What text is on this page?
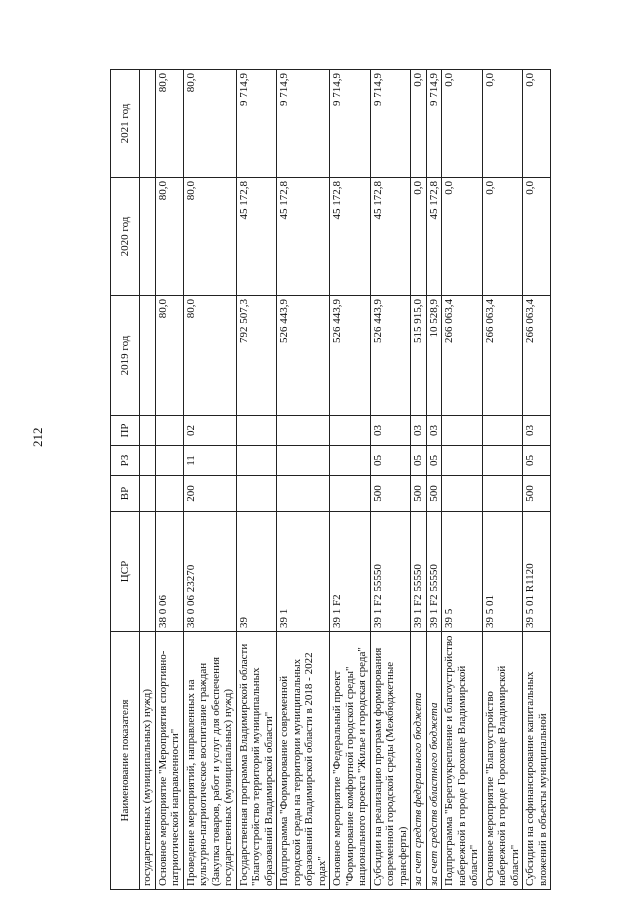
212
Наименование показателя	ЦСР	ВР	РЗ	ПР	2019 год	2020 год	2021 год
государственных (муниципальных) нужд)							
Основное мероприятие "Мероприятия спортивно-патриотической направленности"	38 0 06				80,0	80,0	80,0
Проведение мероприятий, направленных на культурно-патриотическое воспитание граждан (Закупка товаров, работ и услуг для обеспечения государственных (муниципальных) нужд)	38 0 06 23270	200	11	02	80,0	80,0	80,0
Государственная программа Владимирской области "Благоустройство территорий муниципальных образований Владимирской области"	39				792 507,3	45 172,8	9 714,9
Подпрограмма "Формирование современной городской среды на территории муниципальных образований Владимирской области в 2018 - 2022 годах"	39 1				526 443,9	45 172,8	9 714,9
Основное мероприятие "Федеральный проект "Формирование комфортной городской среды" национального проекта "Жилье и городская среда"	39 1 F2				526 443,9	45 172,8	9 714,9
Субсидии на реализацию программ формирования современной городской среды (Межбюджетные трансферты)	39 1 F2 55550	500	05	03	526 443,9	45 172,8	9 714,9
за счет средств федерального бюджета	39 1 F2 55550	500	05	03	515 915,0	0,0	0,0
за счет средств областного бюджета	39 1 F2 55550	500	05	03	10 528,9	45 172,8	9 714,9
Подпрограмма "Берегоукрепление и благоустройство набережной в городе Гороховце Владимирской области"	39 5				266 063,4	0,0	0,0
Основное мероприятие "Благоустройство набережной в городе Гороховце Владимирской области"	39 5 01				266 063,4	0,0	0,0
Субсидии на софинансирование капитальных вложений в объекты муниципальной	39 5 01 R1120	500	05	03	266 063,4	0,0	0,0
